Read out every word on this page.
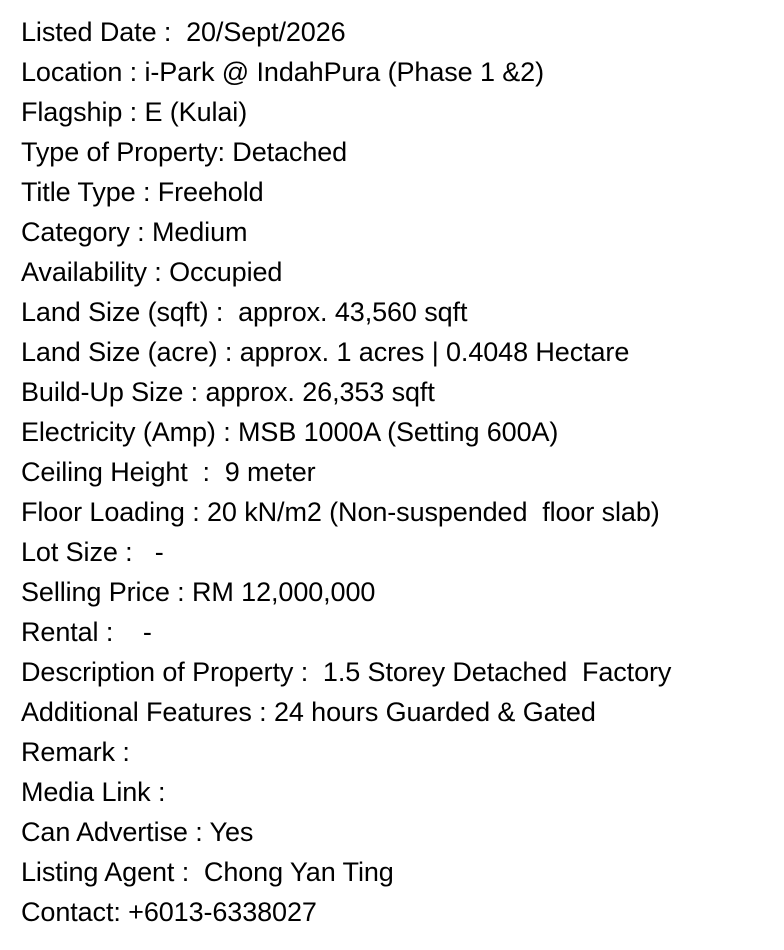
Listed Date :  20/Sept/2026
Location : i-Park @ IndahPura (Phase 1 &2)
Flagship : E (Kulai)
Type of Property: Detached
Title Type : Freehold
Category : Medium
Availability : Occupied
Land Size (sqft) :  approx. 43,560 sqft
Land Size (acre) : approx. 1 acres | 0.4048 Hectare
Build-Up Size : approx. 26,353 sqft
Electricity (Amp) : MSB 1000A (Setting 600A)
Ceiling Height  :  9 meter
Floor Loading : 20 kN/m2 (Non-suspended  floor slab)
Lot Size :   -
Selling Price : RM 12,000,000
Rental :    -
Description of Property :  1.5 Storey Detached  Factory
Additional Features : 24 hours Guarded & Gated
Remark :
Media Link :
Can Advertise : Yes
Listing Agent :  Chong Yan Ting
Contact: +6013-6338027
